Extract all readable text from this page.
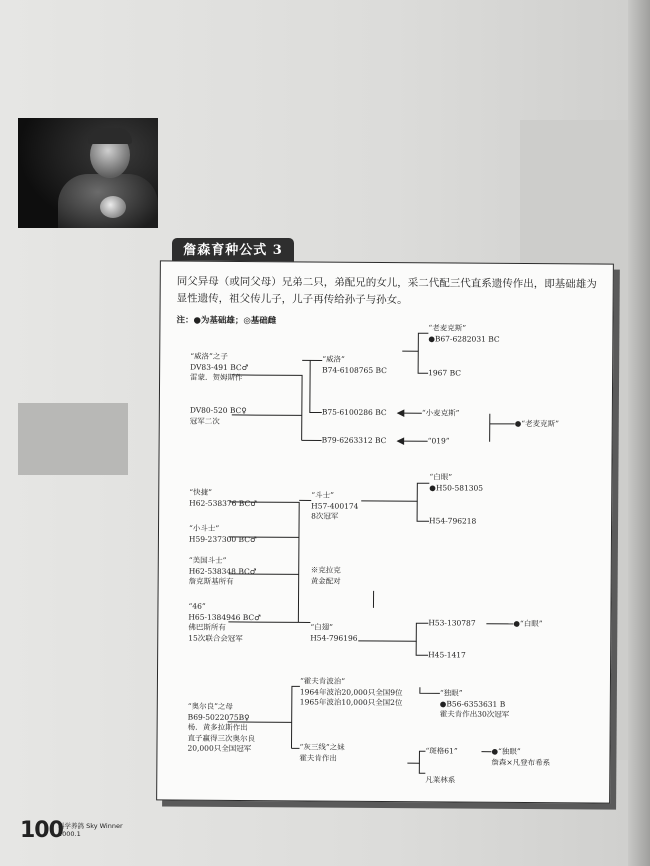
詹森育种公式 3
同父异母（或同父母）兄弟二只，弟配兄的女儿，采二代配三代直系遗传作出，即基础雄为显性遗传，祖父传儿子，儿子再传给孙子与孙女。
注：●为基础雄；◎基础雌
“威洛”之子
DV83-491 BC♂
雷蒙．贺姆斯作
DV80-520 BC♀
冠军二次
“威洛”
B74-6108765 BC
B75-6100286 BC
B79-6263312 BC
“老麦克斯”
●B67-6282031 BC
1967 BC
“小麦克斯”
“019”
●“老麦克斯”
“快捷”
H62-538376 BC♂
“小斗士”
H59-237300 BC♂
“美国斗士”
H62-538348 BC♂
詹克斯基所有
“46”
H65-1384946 BC♂
佛巴斯所有
15次联合会冠军
“斗士”
H57-400174
8次冠军
※克拉克
黄金配对
“白翅”
H54-796196
“白眼”
●H50-581305
H54-796218
H53-130787
H45-1417
●“白眼”
“奥尔良”之母
B69-5022075B♀
杨．黄多拉斯作出
直子赢得三次奥尔良
20,000只全国冠军
“霍夫肯波治”
1964年波治20,000只全国9位
1965年波治10,000只全国2位
“灰三线”之妹
霍夫肯作出
“独眼”
●B56-6353631 B
霍夫肯作出30次冠军
“斑格61”	●“独眼”
詹森×凡登布希系
凡莱林系
100
科学养鸽 Sky Winner
2000.1
